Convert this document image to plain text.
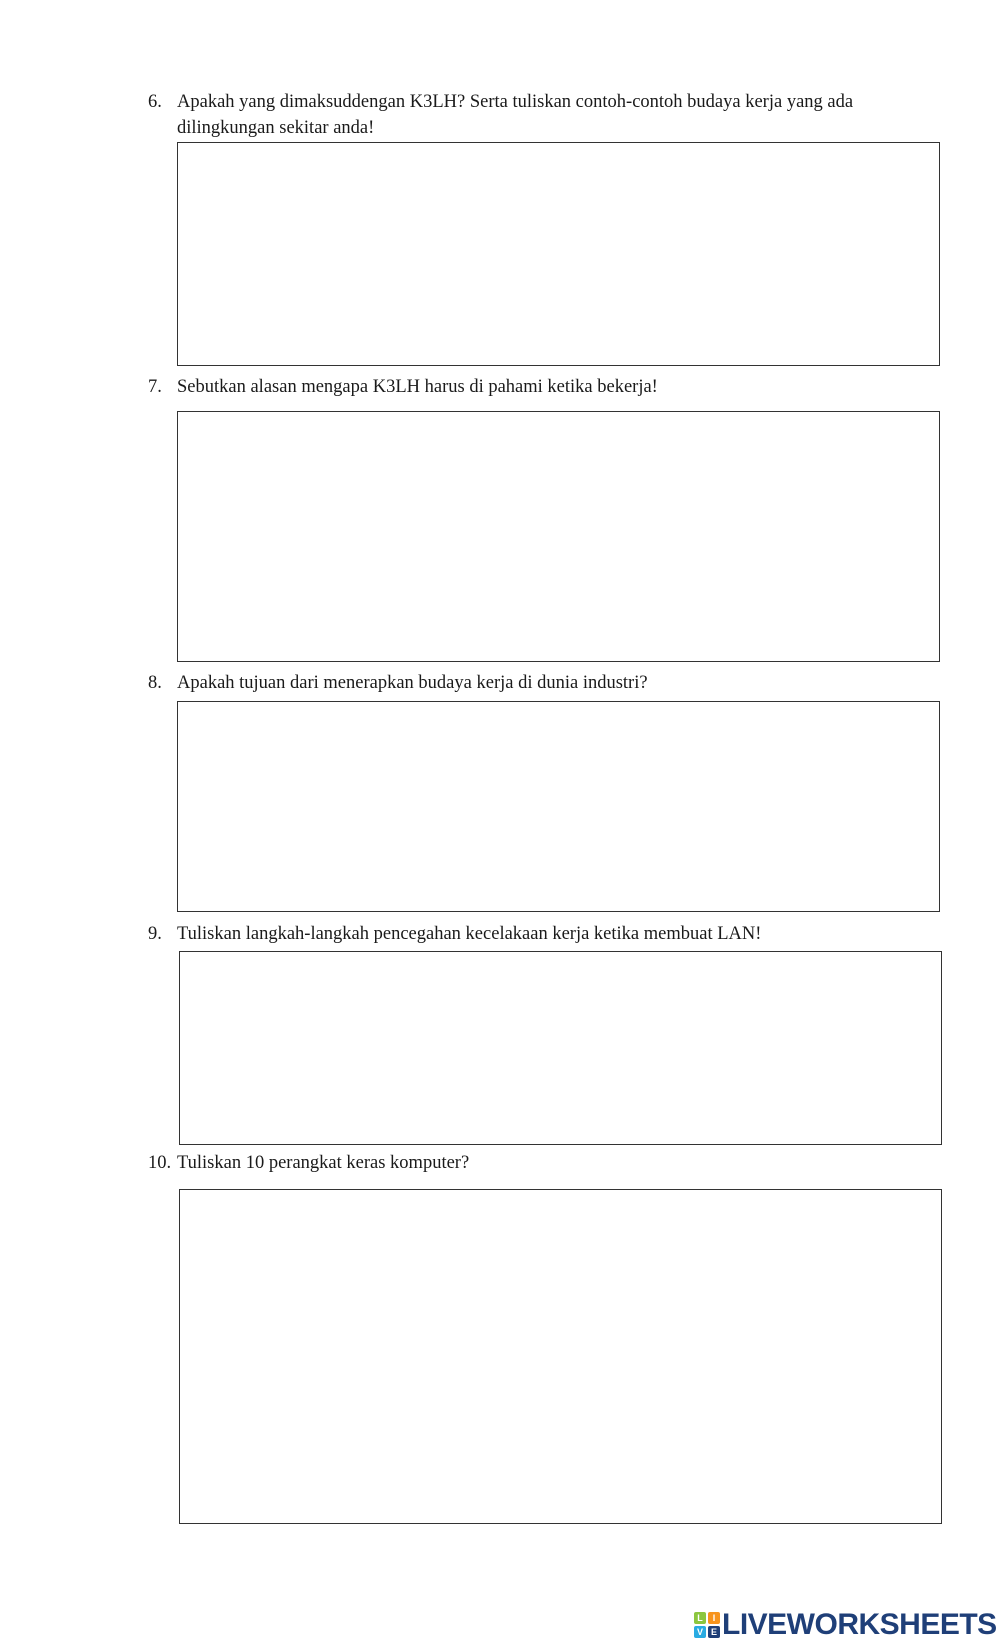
6. Apakah yang dimaksuddengan K3LH? Serta tuliskan contoh-contoh budaya kerja yang ada dilingkungan sekitar anda!
7. Sebutkan alasan mengapa K3LH harus di pahami ketika bekerja!
8. Apakah tujuan dari menerapkan budaya kerja di dunia industri?
9. Tuliskan langkah-langkah pencegahan kecelakaan kerja ketika membuat LAN!
10. Tuliskan 10 perangkat keras komputer?
L	I
V E LIVEWORKSHEETS
